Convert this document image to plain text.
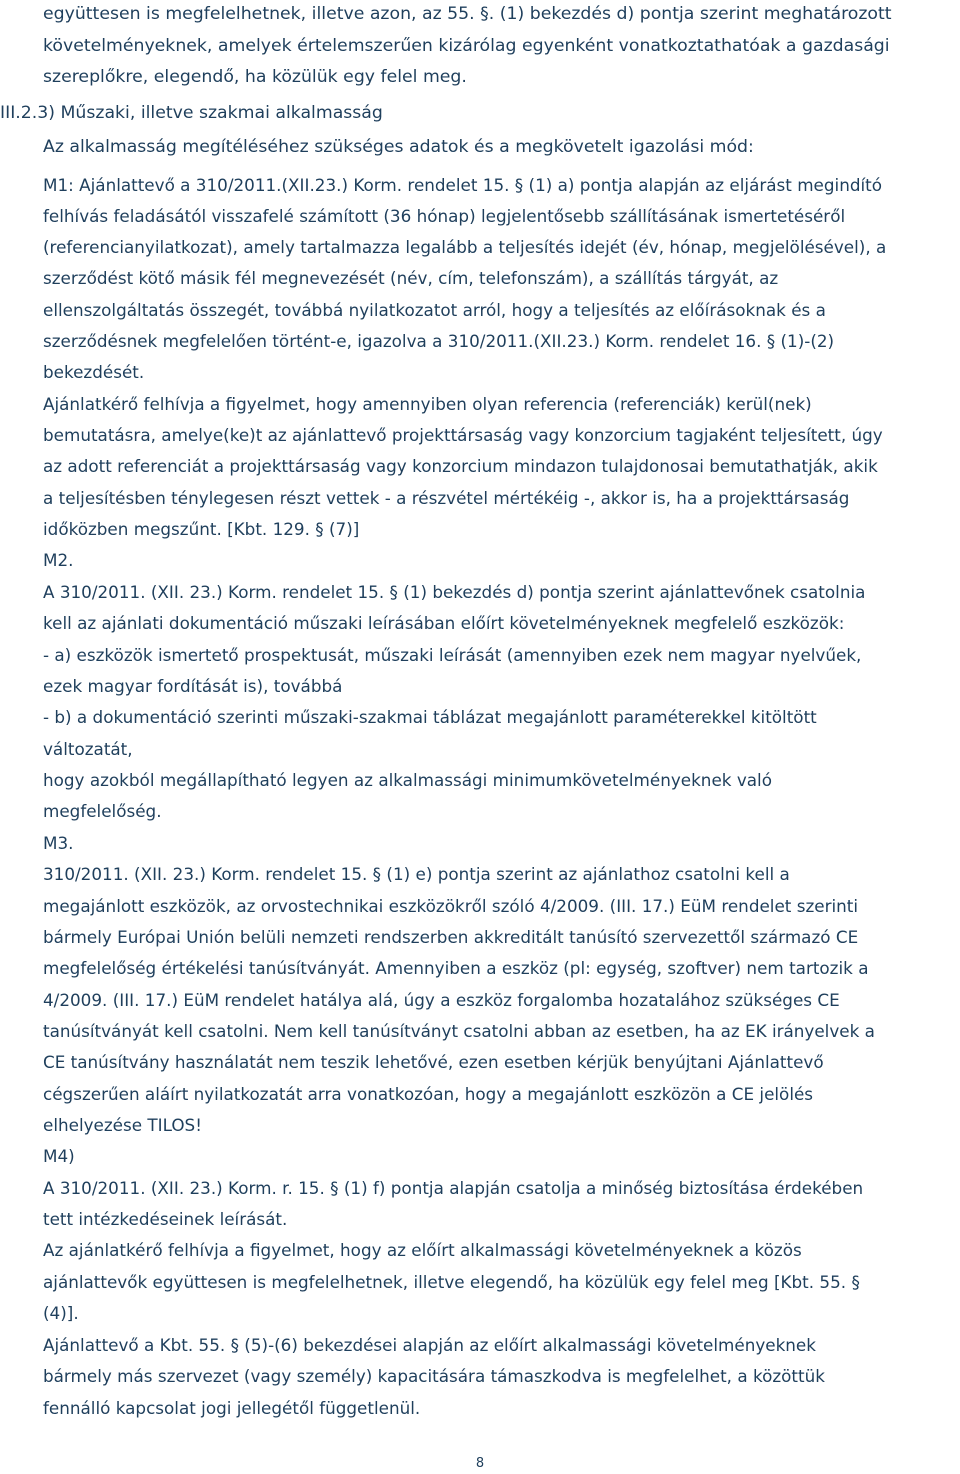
együttesen is megfelelhetnek, illetve azon, az 55. §. (1) bekezdés d) pontja szerint meghatározott
követelményeknek, amelyek értelemszerűen kizárólag egyenként vonatkoztathatóak a gazdasági
szereplőkre, elegendő, ha közülük egy felel meg.
III.2.3) Műszaki, illetve szakmai alkalmasság
Az alkalmasság megítéléséhez szükséges adatok és a megkövetelt igazolási mód:
M1: Ajánlattevő a 310/2011.(XII.23.) Korm. rendelet 15. § (1) a) pontja alapján az eljárást megindító
felhívás feladásától visszafelé számított (36 hónap) legjelentősebb szállításának ismertetéséről
(referencianyilatkozat), amely tartalmazza legalább a teljesítés idejét (év, hónap, megjelölésével), a
szerződést kötő másik fél megnevezését (név, cím, telefonszám), a szállítás tárgyát, az
ellenszolgáltatás összegét, továbbá nyilatkozatot arról, hogy a teljesítés az előírásoknak és a
szerződésnek megfelelően történt-e, igazolva a 310/2011.(XII.23.) Korm. rendelet 16. § (1)-(2)
bekezdését.
Ajánlatkérő felhívja a figyelmet, hogy amennyiben olyan referencia (referenciák) kerül(nek)
bemutatásra, amelye(ke)t az ajánlattevő projekttársaság vagy konzorcium tagjaként teljesített, úgy
az adott referenciát a projekttársaság vagy konzorcium mindazon tulajdonosai bemutathatják, akik
a teljesítésben ténylegesen részt vettek - a részvétel mértékéig -, akkor is, ha a projekttársaság
időközben megszűnt. [Kbt. 129. § (7)]
M2.
A 310/2011. (XII. 23.) Korm. rendelet 15. § (1) bekezdés d) pontja szerint ajánlattevőnek csatolnia
kell az ajánlati dokumentáció műszaki leírásában előírt követelményeknek megfelelő eszközök:
- a) eszközök ismertető prospektusát, műszaki leírását (amennyiben ezek nem magyar nyelvűek,
ezek magyar fordítását is), továbbá
- b) a dokumentáció szerinti műszaki-szakmai táblázat megajánlott paraméterekkel kitöltött
változatát,
hogy azokból megállapítható legyen az alkalmassági minimumkövetelményeknek való
megfelelőség.
M3.
310/2011. (XII. 23.) Korm. rendelet 15. § (1) e) pontja szerint az ajánlathoz csatolni kell a
megajánlott eszközök, az orvostechnikai eszközökről szóló 4/2009. (III. 17.) EüM rendelet szerinti
bármely Európai Unión belüli nemzeti rendszerben akkreditált tanúsító szervezettől származó CE
megfelelőség értékelési tanúsítványát. Amennyiben a eszköz (pl: egység, szoftver) nem tartozik a
4/2009. (III. 17.) EüM rendelet hatálya alá, úgy a eszköz forgalomba hozatalához szükséges CE
tanúsítványát kell csatolni. Nem kell tanúsítványt csatolni abban az esetben, ha az EK irányelvek a
CE tanúsítvány használatát nem teszik lehetővé, ezen esetben kérjük benyújtani Ajánlattevő
cégszerűen aláírt nyilatkozatát arra vonatkozóan, hogy a megajánlott eszközön a CE jelölés
elhelyezése TILOS!
M4)
A 310/2011. (XII. 23.) Korm. r. 15. § (1) f) pontja alapján csatolja a minőség biztosítása érdekében
tett intézkedéseinek leírását.
Az ajánlatkérő felhívja a figyelmet, hogy az előírt alkalmassági követelményeknek a közös
ajánlattevők együttesen is megfelelhetnek, illetve elegendő, ha közülük egy felel meg [Kbt. 55. §
(4)].
Ajánlattevő a Kbt. 55. § (5)-(6) bekezdései alapján az előírt alkalmassági követelményeknek
bármely más szervezet (vagy személy) kapacitására támaszkodva is megfelelhet, a közöttük
fennálló kapcsolat jogi jellegétől függetlenül.
8
